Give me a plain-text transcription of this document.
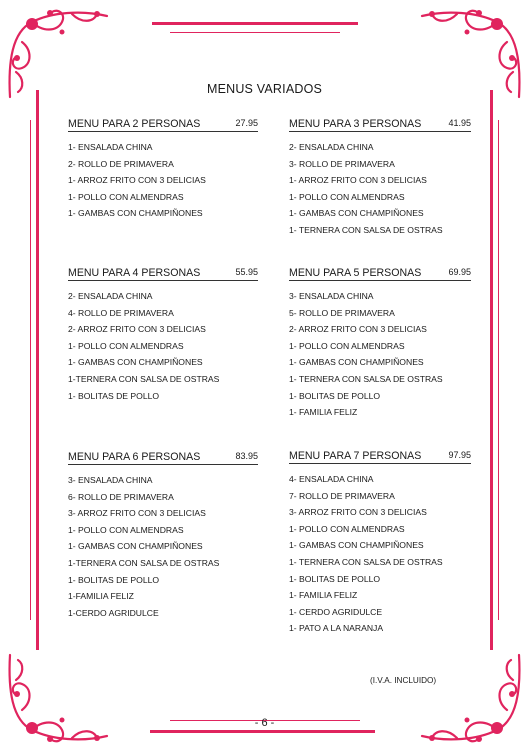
MENUS VARIADOS
MENU PARA 2 PERSONAS	27.95
1- ENSALADA CHINA
2- ROLLO DE PRIMAVERA
1- ARROZ FRITO CON 3 DELICIAS
1- POLLO CON ALMENDRAS
1- GAMBAS CON CHAMPIÑONES
MENU PARA 3 PERSONAS	41.95
2- ENSALADA CHINA
3- ROLLO DE PRIMAVERA
1- ARROZ FRITO CON 3 DELICIAS
1- POLLO CON ALMENDRAS
1- GAMBAS CON CHAMPIÑONES
1- TERNERA CON SALSA DE OSTRAS
MENU PARA 4 PERSONAS	55.95
2- ENSALADA CHINA
4- ROLLO DE PRIMAVERA
2- ARROZ FRITO CON 3 DELICIAS
1- POLLO CON ALMENDRAS
1- GAMBAS CON CHAMPIÑONES
1-TERNERA CON SALSA DE OSTRAS
1- BOLITAS DE POLLO
MENU PARA 5 PERSONAS	69.95
3- ENSALADA CHINA
5- ROLLO DE PRIMAVERA
2- ARROZ FRITO CON 3 DELICIAS
1- POLLO CON ALMENDRAS
1- GAMBAS CON CHAMPIÑONES
1- TERNERA CON SALSA DE OSTRAS
1- BOLITAS DE POLLO
1- FAMILIA FELIZ
MENU PARA 6 PERSONAS	83.95
3- ENSALADA CHINA
6- ROLLO DE PRIMAVERA
3- ARROZ FRITO CON 3 DELICIAS
1- POLLO CON ALMENDRAS
1- GAMBAS CON CHAMPIÑONES
1-TERNERA CON SALSA DE OSTRAS
1- BOLITAS DE POLLO
1-FAMILIA FELIZ
1-CERDO AGRIDULCE
MENU PARA 7 PERSONAS	97.95
4- ENSALADA CHINA
7- ROLLO DE PRIMAVERA
3- ARROZ FRITO CON 3 DELICIAS
1- POLLO CON ALMENDRAS
1- GAMBAS CON CHAMPIÑONES
1- TERNERA CON SALSA DE OSTRAS
1- BOLITAS DE POLLO
1- FAMILIA FELIZ
1- CERDO AGRIDULCE
1- PATO A LA NARANJA
(I.V.A. INCLUIDO)
- 6 -
